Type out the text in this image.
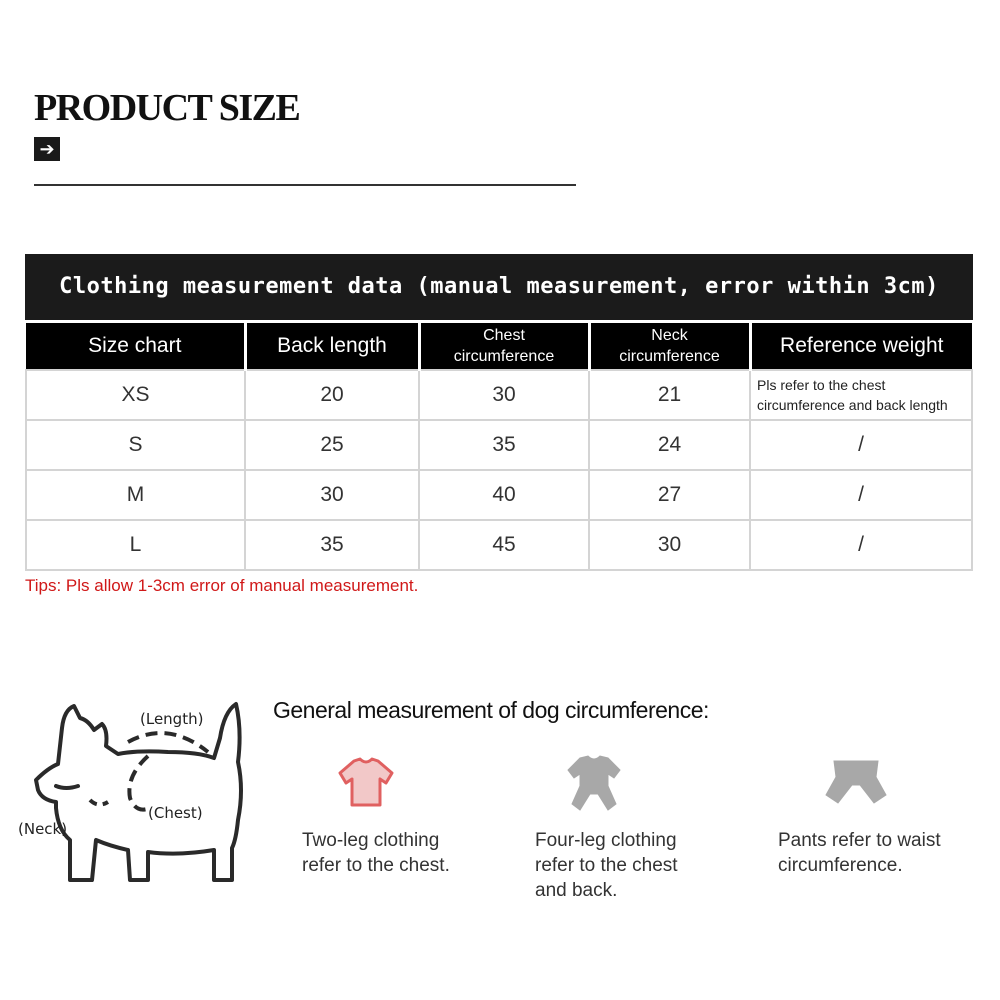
PRODUCT SIZE
➔
Clothing measurement data (manual measurement, error within 3cm)
Size chart	Back length	Chest circumference	Neck circumference	Reference weight
XS	20	30	21	Pls refer to the chest circumference and back length
S	25	35	24	/
M	30	40	27	/
L	35	45	30	/
Tips: Pls allow 1-3cm error of manual measurement.
(Length)
(Chest)
(Neck)
General measurement of dog circumference:
Two-leg clothing
refer to the chest.
Four-leg clothing
refer to the chest
and back.
Pants refer to waist
circumference.
